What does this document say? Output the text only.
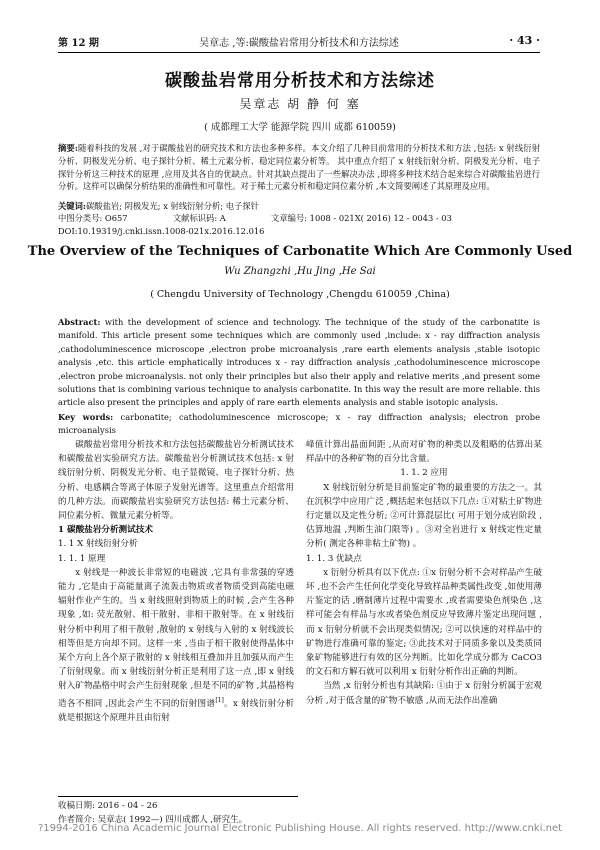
第 12 期	吴章志 ,等:碳酸盐岩常用分析技术和方法综述	· 43 ·
碳酸盐岩常用分析技术和方法综述
吴章志 胡 静 何 塞
( 成都理工大学 能源学院 四川 成都 610059)
摘要:随着科技的发展 ,对于碳酸盐岩的研究技术和方法也多种多样。本文介绍了几种目前常用的分析技术和方法 ,包括: x 射线衍射分析、阴极发光分析、电子探针分析、稀土元素分析、稳定同位素分析等。 其中重点介绍了 x 射线衍射分析、阴极发光分析、电子探针分析这三种技术的原理 ,应用及其各自的优缺点。针对其缺点提出了一些解决办法 ,即将多种技术结合起来综合对碳酸盐岩进行分析。这样可以确保分析结果的准确性和可靠性。对于稀土元素分析和稳定同位素分析 ,本文简要阐述了其原理及应用。
关键词:碳酸盐岩; 阴极发光; x 射线衍射分析; 电子探针
中图分类号: O657	文献标识码: A	文章编号: 1008 - 021X( 2016) 12 - 0043 - 03
DOI:10.19319/j.cnki.issn.1008-021x.2016.12.016
The Overview of the Techniques of Carbonatite Which Are Commonly Used
Wu Zhangzhi ,Hu Jing ,He Sai
( Chengdu University of Technology ,Chengdu 610059 ,China)
Abstract: with the development of science and technology. The technique of the study of the carbonatite is manifold. This article present some techniques which are commonly used ,include: x - ray diffraction analysis ,cathodoluminescence microscope ,electron probe microanalysis ,rare earth elements analysis ,stable isotopic analysis ,etc. this article emphatically introduces x - ray diffraction analysis ,cathodoluminescence microscope ,electron probe microanalysis. not only their principles but also their apply and relative merits ,and present some solutions that is combining various technique to analysis carbonatite. In this way the result are more reliable. this article also present the principles and apply of rare earth elements analysis and stable isotopic analysis.
Key words: carbonatite; cathodoluminescence microscope; x - ray diffraction analysis; electron probe microanalysis

碳酸盐岩常用分析技术和方法包括碳酸盐岩分析测试技术和碳酸盐岩实验研究方法。碳酸盐岩分析测试技术包括: x 射线衍射分析、阴极发光分析、电子显微镜、电子探针分析、热分析、电感耦合等离子体原子发射光谱等。这里重点介绍常用的几种方法。而碳酸盐岩实验研究方法包括: 稀土元素分析、同位素分析、微量元素分析等。

1 碳酸盐岩分析测试技术

1. 1 X 射线衍射分析

1. 1. 1 原理

x 射线是一种波长非常短的电磁波 ,它具有非常强的穿透能力 ,它是由于高能量离子流轰击物质或者物质受到高能电磁辐射作业产生的。当 x 射线照射到物质上的时候 ,会产生各种现象 ,如: 荧光散射、相干散射、非相干散射等。在 x 射线衍射分析中利用了相干散射 ,散射的 x 射线与入射的 x 射线波长相等但是方向却不同。这样一来 ,当由于相干散射使得晶体中某个方向上各个原子散射的 x 射线相互叠加并且加强从而产生了衍射现象。而 x 射线衍射分析正是利用了这一点 ,即 x 射线射入矿物晶格中时会产生衍射现象 ,但是不同的矿物 ,其晶格构造各不相同 ,因此会产生不同的衍射图谱[1]。x 射线衍射分析就是根据这个原理并且由衍射

峰值计算出晶面间距 ,从而对矿物的种类以及粗略的估算出某样品中的各种矿物的百分比含量。

1. 1. 2 应用

X 射线衍射分析是目前鉴定矿物的最重要的方法之一。其在沉积学中应用广泛 ,概括起来包括以下几点: ①对粘土矿物进行定量以及定性分析; ②可计算混层比( 可用于划分成岩阶段 ,估算地温 ,判断生油门限等) 。③对全岩进行 x 射线定性定量分析( 测定各种非粘土矿物) 。

1. 1. 3 优缺点

x 衍射分析具有以下优点: ①x 衍射分析不会对样品产生破坏 ,也不会产生任何化学变化导致样品种类属性改变 ,如使用薄片鉴定的话 ,磨制薄片过程中需要水 ,或者需要染色剂染色 ,这样可能会有样品与水或者染色剂反应导致薄片鉴定出现问题 ,而 x 衍射分析就不会出现类似情况; ②可以快速的对样品中的矿物进行准确可靠的鉴定; ③此技术对于同质多象以及类质同象矿物能够进行有效的区分判断。比如化学成分都为 CaCO3 的文石和方解石就可以利用 x 衍射分析作出正确的判断。

当然 ,x 衍射分析也有其缺陷: ①由于 x 衍射分析属于宏观分析 ,对于低含量的矿物不敏感 ,从而无法作出准确

收稿日期: 2016 - 04 - 26
作者简介: 吴章志( 1992—) 四川成都人 ,研究生。
?1994-2016 China Academic Journal Electronic Publishing House. All rights reserved. http://www.cnki.net
